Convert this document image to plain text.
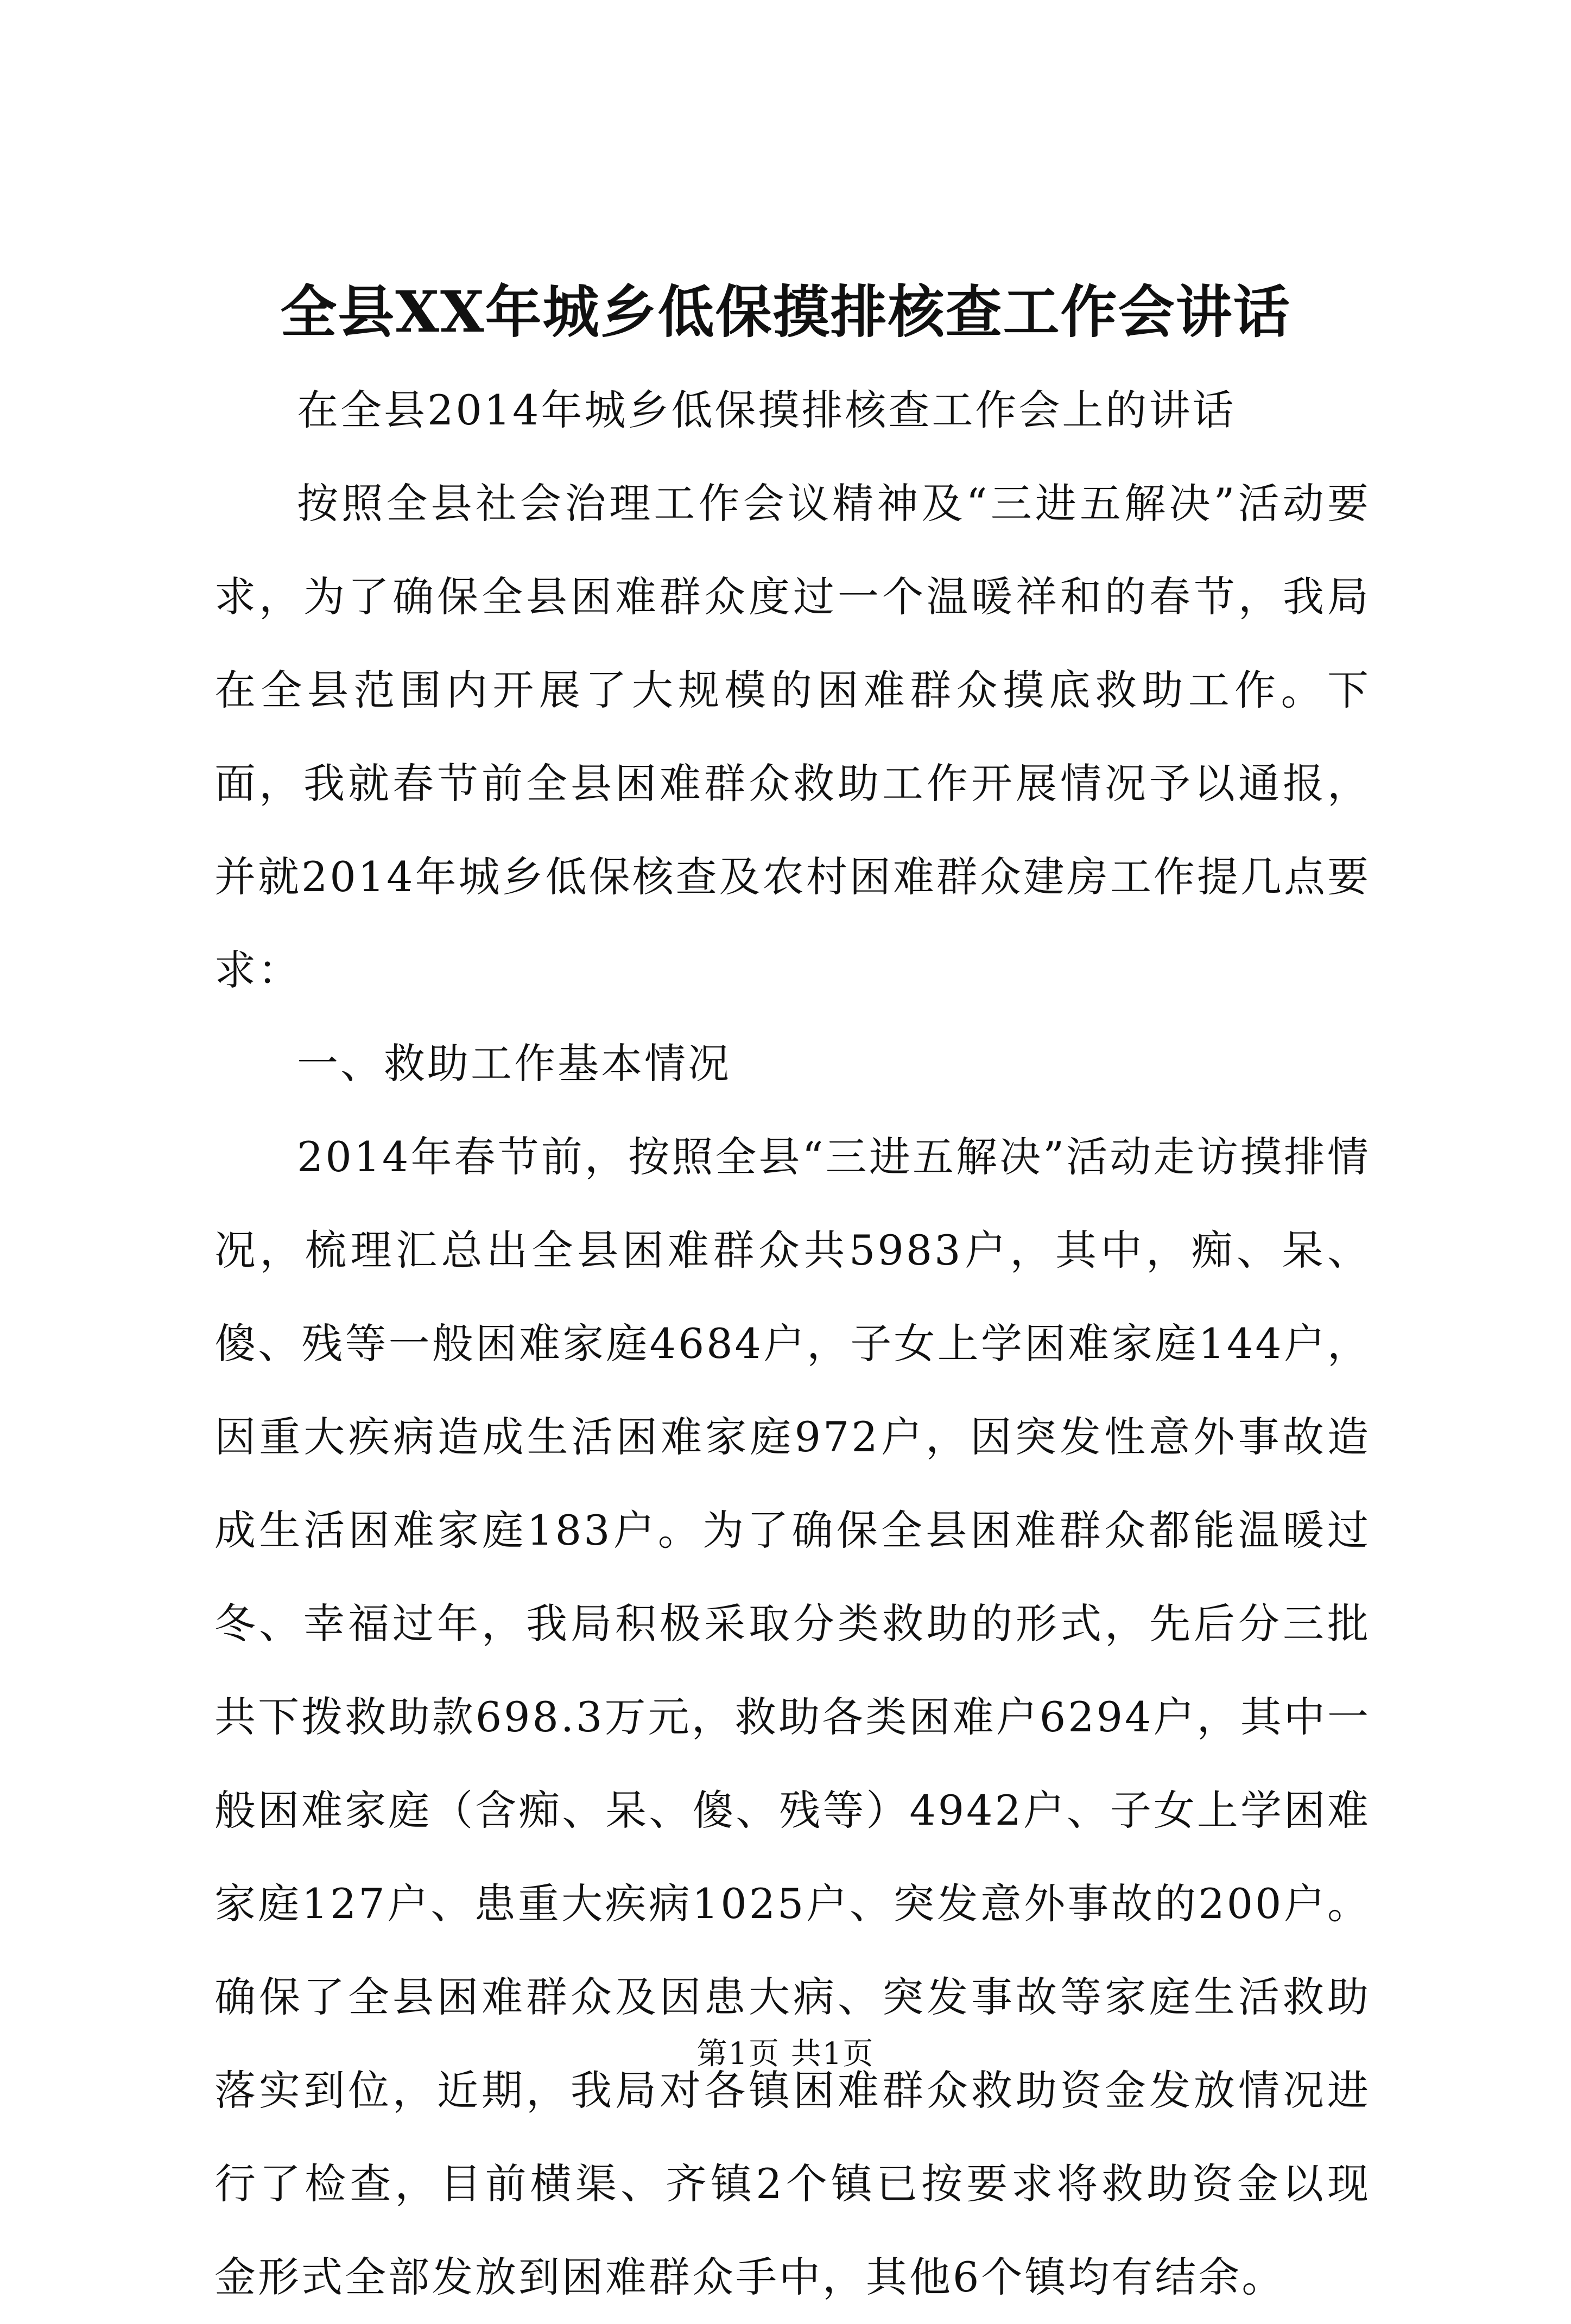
全县XX年城乡低保摸排核查工作会讲话

在全县2014年城乡低保摸排核查工作会上的讲话

按照全县社会治理工作会议精神及“三进五解决”活动要求，为了确保全县困难群众度过一个温暖祥和的春节，我局在全县范围内开展了大规模的困难群众摸底救助工作。下面，我就春节前全县困难群众救助工作开展情况予以通报，并就2014年城乡低保核查及农村困难群众建房工作提几点要求：

一、救助工作基本情况

2014年春节前，按照全县“三进五解决”活动走访摸排情况，梳理汇总出全县困难群众共5983户，其中，痴、呆、傻、残等一般困难家庭4684户，子女上学困难家庭144户，因重大疾病造成生活困难家庭972户，因突发性意外事故造成生活困难家庭183户。为了确保全县困难群众都能温暖过冬、幸福过年，我局积极采取分类救助的形式，先后分三批共下拨救助款698.3万元，救助各类困难户6294户，其中一般困难家庭（含痴、呆、傻、残等）4942户、子女上学困难家庭127户、患重大疾病1025户、突发意外事故的200户。确保了全县困难群众及因患大病、突发事故等家庭生活救助落实到位，近期，我局对各镇困难群众救助资金发放情况进行了检查，目前横渠、齐镇2个镇已按要求将救助资金以现金形式全部发放到困难群众手中，其他6个镇均有结余。

第1页 共1页
